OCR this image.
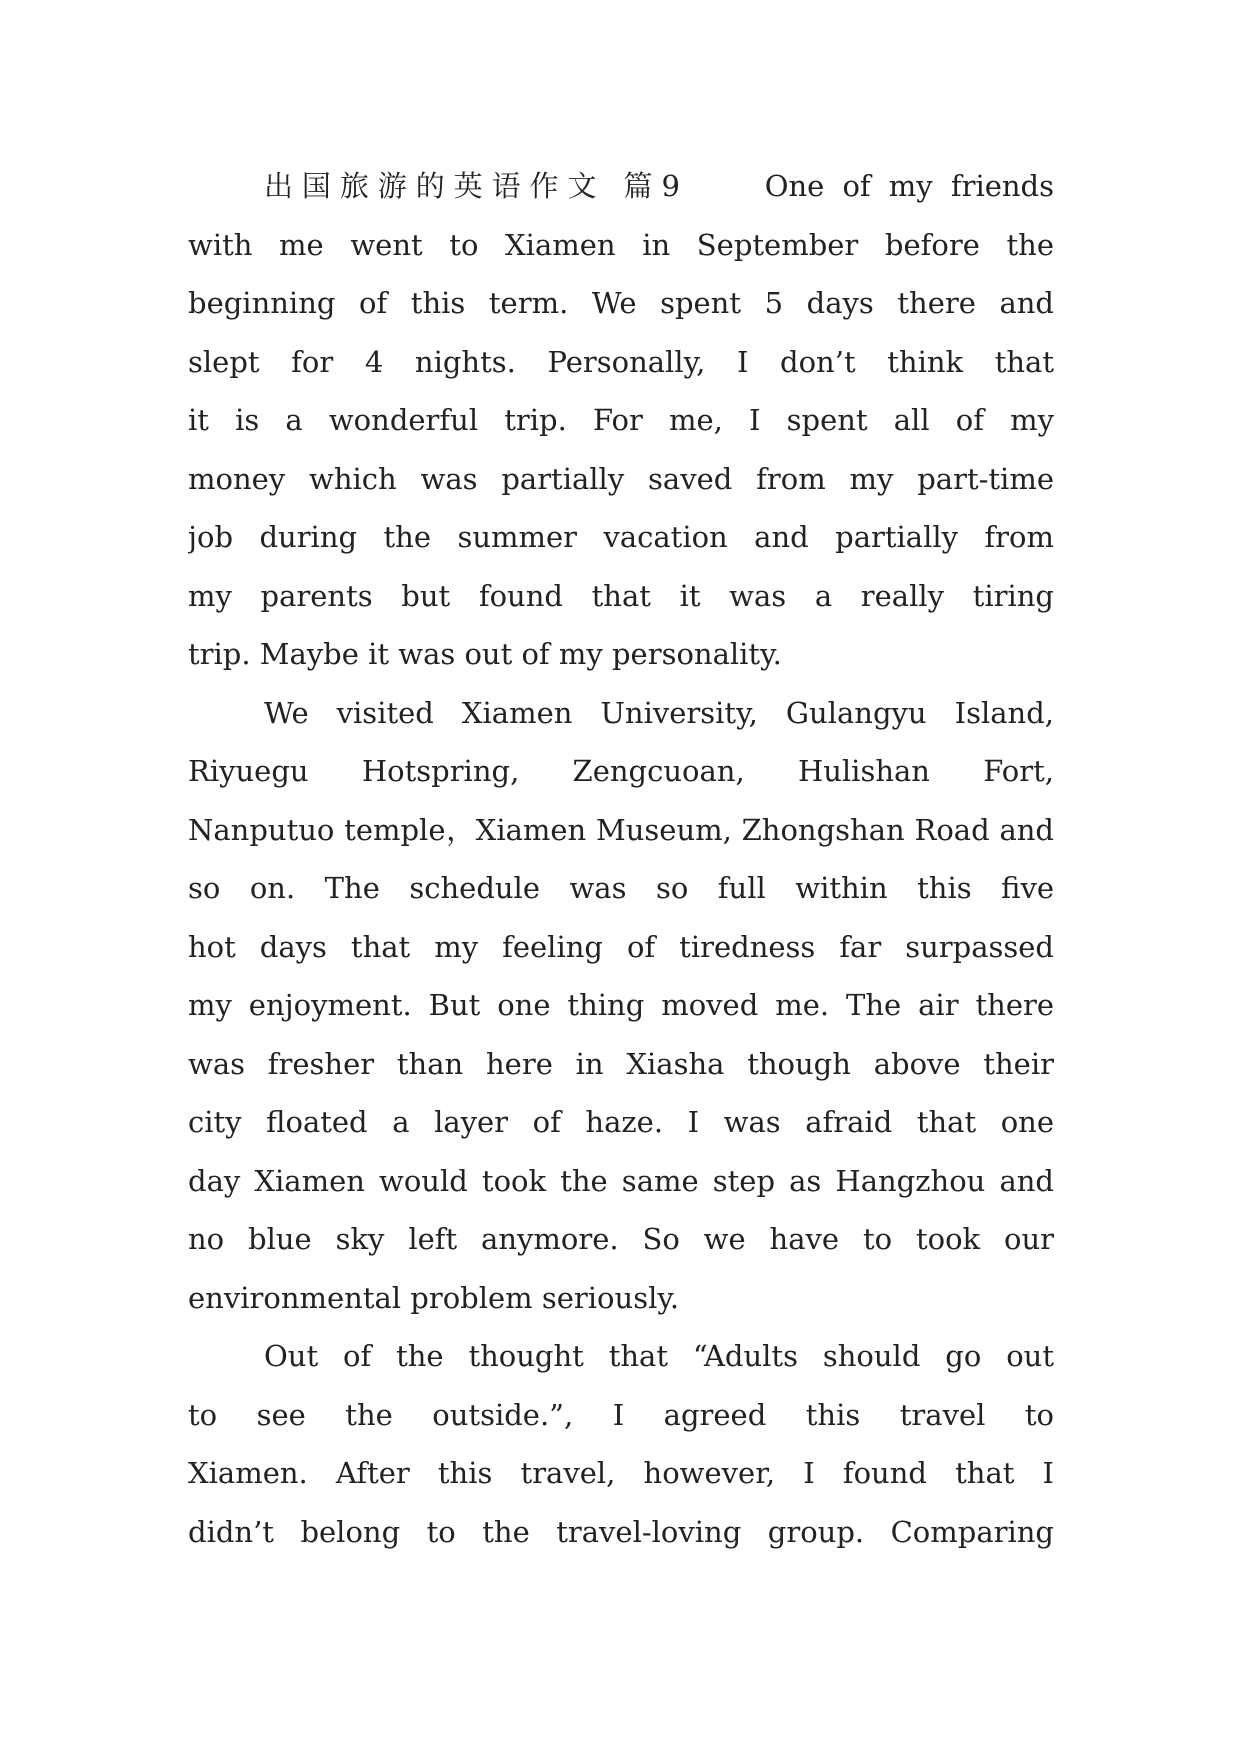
出国旅游的英语作文 篇9　　One of my friends
with me went to Xiamen in September before the
beginning of this term. We spent 5 days there and
slept for 4 nights. Personally, I don’t think that
it is a wonderful trip. For me, I spent all of my
money which was partially saved from my part-time
job during the summer vacation and partially from
my parents but found that it was a really tiring
trip. Maybe it was out of my personality.
We visited Xiamen University, Gulangyu Island,
Riyuegu Hotspring, Zengcuoan, Hulishan Fort,
Nanputuo temple，Xiamen Museum, Zhongshan Road and
so on. The schedule was so full within this five
hot days that my feeling of tiredness far surpassed
my enjoyment. But one thing moved me. The air there
was fresher than here in Xiasha though above their
city floated a layer of haze. I was afraid that one
day Xiamen would took the same step as Hangzhou and
no blue sky left anymore. So we have to took our
environmental problem seriously.
Out of the thought that “Adults should go out
to see the outside.”, I agreed this travel to
Xiamen. After this travel, however, I found that I
didn’t belong to the travel-loving group. Comparing
